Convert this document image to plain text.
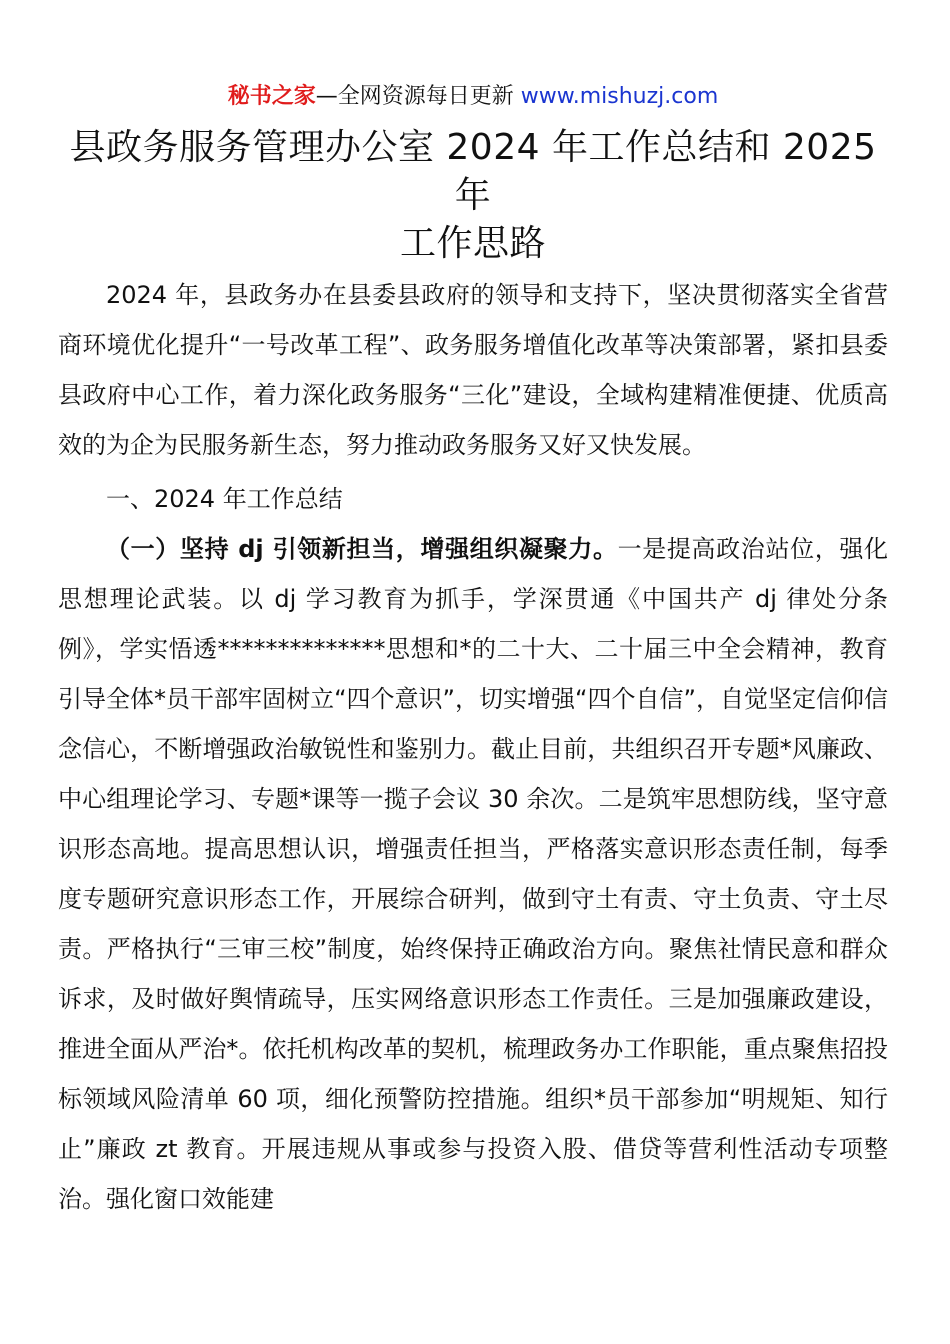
秘书之家—全网资源每日更新 www.mishuzj.com
县政务服务管理办公室 2024 年工作总结和 2025 年
工作思路

2024 年，县政务办在县委县政府的领导和支持下，坚决贯彻落实全省营商环境优化提升“一号改革工程”、政务服务增值化改革等决策部署，紧扣县委县政府中心工作，着力深化政务服务“三化”建设，全域构建精准便捷、优质高效的为企为民服务新生态，努力推动政务服务又好又快发展。

一、2024 年工作总结

（一）坚持 dj 引领新担当，增强组织凝聚力。一是提高政治站位，强化思想理论武装。以 dj 学习教育为抓手，学深贯通《中国共产 dj 律处分条例》，学实悟透**************思想和*的二十大、二十届三中全会精神，教育引导全体*员干部牢固树立“四个意识”，切实增强“四个自信”，自觉坚定信仰信念信心，不断增强政治敏锐性和鉴别力。截止目前，共组织召开专题*风廉政、中心组理论学习、专题*课等一揽子会议 30 余次。二是筑牢思想防线，坚守意识形态高地。提高思想认识，增强责任担当，严格落实意识形态责任制，每季度专题研究意识形态工作，开展综合研判，做到守土有责、守土负责、守土尽责。严格执行“三审三校”制度，始终保持正确政治方向。聚焦社情民意和群众诉求，及时做好舆情疏导，压实网络意识形态工作责任。三是加强廉政建设，推进全面从严治*。依托机构改革的契机，梳理政务办工作职能，重点聚焦招投标领域风险清单 60 项，细化预警防控措施。组织*员干部参加“明规矩、知行止”廉政 zt 教育。开展违规从事或参与投资入股、借贷等营利性活动专项整治。强化窗口效能建
